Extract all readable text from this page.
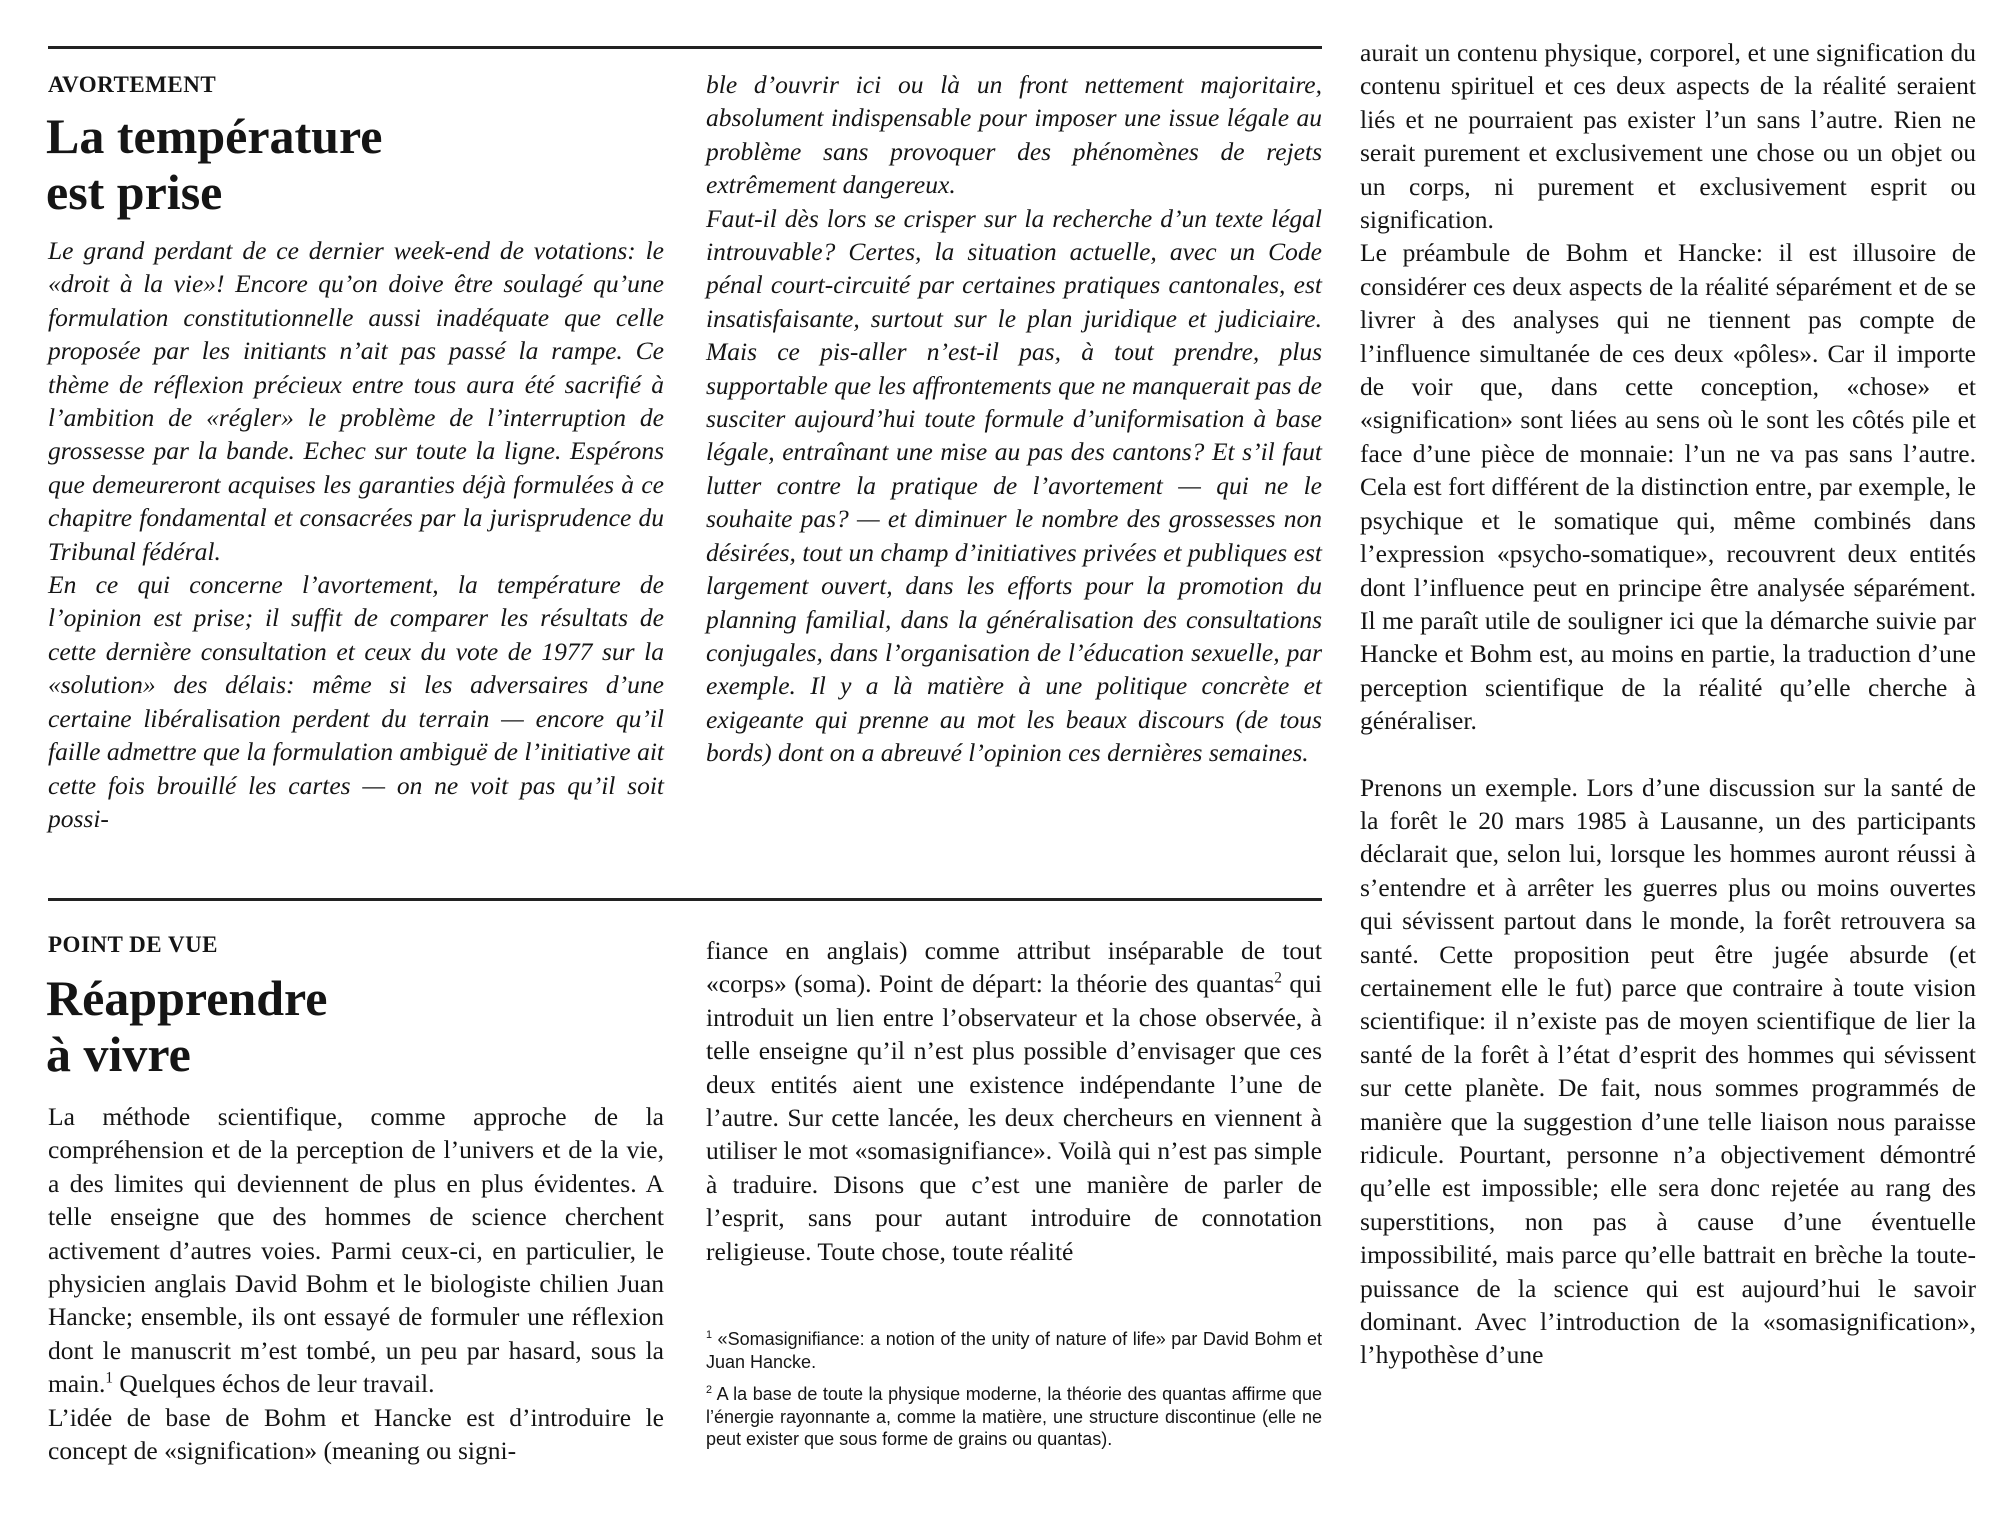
AVORTEMENT
La température
est prise

Le grand perdant de ce dernier week-end de votations: le «droit à la vie»! Encore qu’on doive être soulagé qu’une formulation constitutionnelle aussi inadéquate que celle proposée par les initiants n’ait pas passé la rampe. Ce thème de réflexion précieux entre tous aura été sacrifié à l’ambition de «régler» le problème de l’interruption de grossesse par la bande. Echec sur toute la ligne. Espérons que demeureront acquises les garanties déjà formulées à ce chapitre fondamental et consacrées par la jurisprudence du Tribunal fédéral.

En ce qui concerne l’avortement, la température de l’opinion est prise; il suffit de comparer les résultats de cette dernière consultation et ceux du vote de 1977 sur la «solution» des délais: même si les adversaires d’une certaine libéralisation perdent du terrain — encore qu’il faille admettre que la formulation ambiguë de l’initiative ait cette fois brouillé les cartes — on ne voit pas qu’il soit possi-

ble d’ouvrir ici ou là un front nettement majoritaire, absolument indispensable pour imposer une issue légale au problème sans provoquer des phénomènes de rejets extrêmement dangereux.

Faut-il dès lors se crisper sur la recherche d’un texte légal introuvable? Certes, la situation actuelle, avec un Code pénal court-circuité par certaines pratiques cantonales, est insatisfaisante, surtout sur le plan juridique et judiciaire. Mais ce pis-aller n’est-il pas, à tout prendre, plus supportable que les affrontements que ne manquerait pas de susciter aujourd’hui toute formule d’uniformisation à base légale, entraînant une mise au pas des cantons? Et s’il faut lutter contre la pratique de l’avortement — qui ne le souhaite pas? — et diminuer le nombre des grossesses non désirées, tout un champ d’initiatives privées et publiques est largement ouvert, dans les efforts pour la promotion du planning familial, dans la généralisation des consultations conjugales, dans l’organisation de l’éducation sexuelle, par exemple. Il y a là matière à une politique concrète et exigeante qui prenne au mot les beaux discours (de tous bords) dont on a abreuvé l’opinion ces dernières semaines.

POINT DE VUE
Réapprendre
à vivre

La méthode scientifique, comme approche de la compréhension et de la perception de l’univers et de la vie, a des limites qui deviennent de plus en plus évidentes. A telle enseigne que des hommes de science cherchent activement d’autres voies. Parmi ceux-ci, en particulier, le physicien anglais David Bohm et le biologiste chilien Juan Hancke; ensemble, ils ont essayé de formuler une réflexion dont le manuscrit m’est tombé, un peu par hasard, sous la main.$^1$ Quelques échos de leur travail.

L’idée de base de Bohm et Hancke est d’introduire le concept de «signification» (meaning ou signi-

fiance en anglais) comme attribut inséparable de tout «corps» (soma). Point de départ: la théorie des quantas$^2$ qui introduit un lien entre l’observateur et la chose observée, à telle enseigne qu’il n’est plus possible d’envisager que ces deux entités aient une existence indépendante l’une de l’autre. Sur cette lancée, les deux chercheurs en viennent à utiliser le mot «somasignifiance». Voilà qui n’est pas simple à traduire. Disons que c’est une manière de parler de l’esprit, sans pour autant introduire de connotation religieuse. Toute chose, toute réalité

$^1$ «Somasignifiance: a notion of the unity of nature of life» par David Bohm et Juan Hancke.

$^2$ A la base de toute la physique moderne, la théorie des quantas affirme que l’énergie rayonnante a, comme la matière, une structure discontinue (elle ne peut exister que sous forme de grains ou quantas).

aurait un contenu physique, corporel, et une signification du contenu spirituel et ces deux aspects de la réalité seraient liés et ne pourraient pas exister l’un sans l’autre. Rien ne serait purement et exclusivement une chose ou un objet ou un corps, ni purement et exclusivement esprit ou signification.

Le préambule de Bohm et Hancke: il est illusoire de considérer ces deux aspects de la réalité séparément et de se livrer à des analyses qui ne tiennent pas compte de l’influence simultanée de ces deux «pôles». Car il importe de voir que, dans cette conception, «chose» et «signification» sont liées au sens où le sont les côtés pile et face d’une pièce de monnaie: l’un ne va pas sans l’autre. Cela est fort différent de la distinction entre, par exemple, le psychique et le somatique qui, même combinés dans l’expression «psycho-somatique», recouvrent deux entités dont l’influence peut en principe être analysée séparément. Il me paraît utile de souligner ici que la démarche suivie par Hancke et Bohm est, au moins en partie, la traduction d’une perception scientifique de la réalité qu’elle cherche à généraliser.

Prenons un exemple. Lors d’une discussion sur la santé de la forêt le 20 mars 1985 à Lausanne, un des participants déclarait que, selon lui, lorsque les hommes auront réussi à s’entendre et à arrêter les guerres plus ou moins ouvertes qui sévissent partout dans le monde, la forêt retrouvera sa santé. Cette proposition peut être jugée absurde (et certainement elle le fut) parce que contraire à toute vision scientifique: il n’existe pas de moyen scientifique de lier la santé de la forêt à l’état d’esprit des hommes qui sévissent sur cette planète. De fait, nous sommes programmés de manière que la suggestion d’une telle liaison nous paraisse ridicule. Pourtant, personne n’a objectivement démontré qu’elle est impossible; elle sera donc rejetée au rang des superstitions, non pas à cause d’une éventuelle impossibilité, mais parce qu’elle battrait en brèche la toute-puissance de la science qui est aujourd’hui le savoir dominant. Avec l’introduction de la «somasignification», l’hypothèse d’une
